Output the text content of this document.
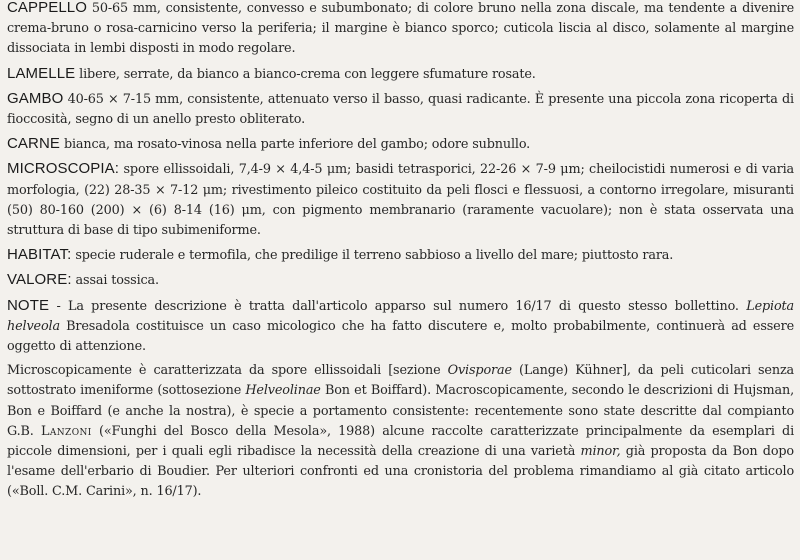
CAPPELLO 50-65 mm, consistente, convesso e subumbonato; di colore bruno nella zona discale, ma tendente a divenire crema-bruno o rosa-carnicino verso la periferia; il margine è bianco sporco; cuticola liscia al disco, solamente al margine dissociata in lembi disposti in modo regolare.

LAMELLE libere, serrate, da bianco a bianco-crema con leggere sfumature rosate.

GAMBO 40-65 × 7-15 mm, consistente, attenuato verso il basso, quasi radicante. È presente una piccola zona ricoperta di fioccosità, segno di un anello presto obliterato.

CARNE bianca, ma rosato-vinosa nella parte inferiore del gambo; odore subnullo.

MICROSCOPIA: spore ellissoidali, 7,4-9 × 4,4-5 μm; basidi tetrasporici, 22-26 × 7-9 μm; cheilocistidi numerosi e di varia morfologia, (22) 28-35 × 7-12 μm; rivestimento pileico costituito da peli flosci e flessuosi, a contorno irregolare, misuranti (50) 80-160 (200) × (6) 8-14 (16) μm, con pigmento membranario (raramente vacuolare); non è stata osservata una struttura di base di tipo subimeniforme.

HABITAT: specie ruderale e termofila, che predilige il terreno sabbioso a livello del mare; piuttosto rara.

VALORE: assai tossica.

NOTE - La presente descrizione è tratta dall'articolo apparso sul numero 16/17 di questo stesso bollettino. Lepiota helveola Bresadola costituisce un caso micologico che ha fatto discutere e, molto probabilmente, continuerà ad essere oggetto di attenzione.

Microscopicamente è caratterizzata da spore ellissoidali [sezione Ovisporae (Lange) Kühner], da peli cuticolari senza sottostrato imeniforme (sottosezione Helveolinae Bon et Boiffard). Macroscopicamente, secondo le descrizioni di Hujsman, Bon e Boiffard (e anche la nostra), è specie a portamento consistente: recentemente sono state descritte dal compianto G.B. Lanzoni («Funghi del Bosco della Mesola», 1988) alcune raccolte caratterizzate principalmente da esemplari di piccole dimensioni, per i quali egli ribadisce la necessità della creazione di una varietà minor, già proposta da Bon dopo l'esame dell'erbario di Boudier. Per ulteriori confronti ed una cronistoria del problema rimandiamo al già citato articolo («Boll. C.M. Carini», n. 16/17).
